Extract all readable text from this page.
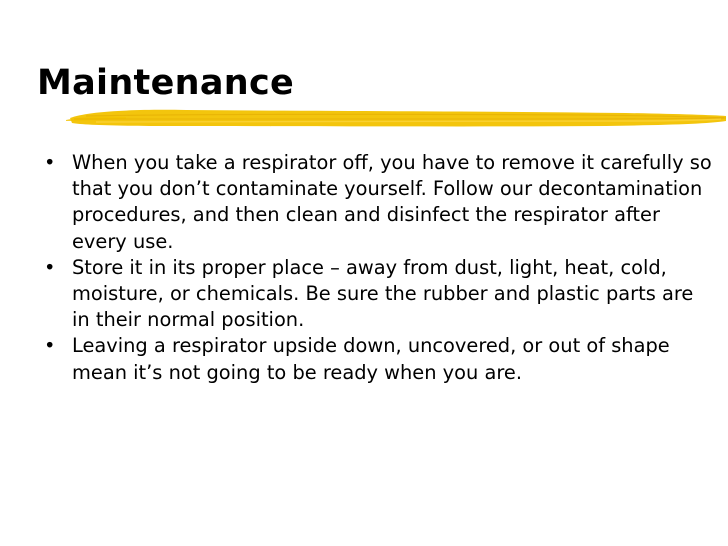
Maintenance
• When you take a respirator off, you have to remove it carefully so that you don’t contaminate yourself. Follow our decontamination procedures, and then clean and disinfect the respirator after every use.
• Store it in its proper place – away from dust, light, heat, cold, moisture, or chemicals. Be sure the rubber and plastic parts are in their normal position.
• Leaving a respirator upside down, uncovered, or out of shape mean it’s not going to be ready when you are.
